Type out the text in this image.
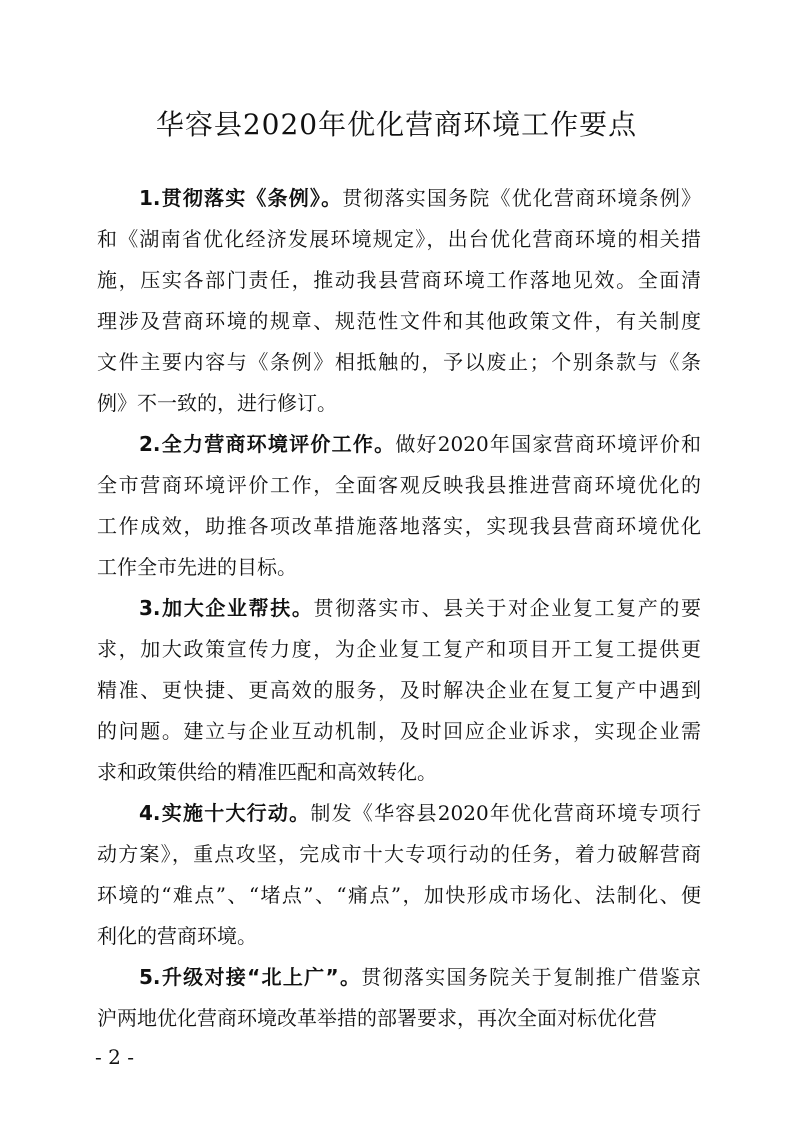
华容县2020年优化营商环境工作要点
1.贯彻落实《条例》。贯彻落实国务院《优化营商环境条例》
和《湖南省优化经济发展环境规定》，出台优化营商环境的相关措
施，压实各部门责任，推动我县营商环境工作落地见效。全面清
理涉及营商环境的规章、规范性文件和其他政策文件，有关制度
文件主要内容与《条例》相抵触的，予以废止；个别条款与《条
例》不一致的，进行修订。
2.全力营商环境评价工作。做好2020年国家营商环境评价和
全市营商环境评价工作，全面客观反映我县推进营商环境优化的
工作成效，助推各项改革措施落地落实，实现我县营商环境优化
工作全市先进的目标。
3.加大企业帮扶。贯彻落实市、县关于对企业复工复产的要
求，加大政策宣传力度，为企业复工复产和项目开工复工提供更
精准、更快捷、更高效的服务，及时解决企业在复工复产中遇到
的问题。建立与企业互动机制，及时回应企业诉求，实现企业需
求和政策供给的精准匹配和高效转化。
4.实施十大行动。制发《华容县2020年优化营商环境专项行
动方案》，重点攻坚，完成市十大专项行动的任务，着力破解营商
环境的“难点”、“堵点”、“痛点”，加快形成市场化、法制化、便
利化的营商环境。
5.升级对接“北上广”。贯彻落实国务院关于复制推广借鉴京
沪两地优化营商环境改革举措的部署要求，再次全面对标优化营
- 2 -
